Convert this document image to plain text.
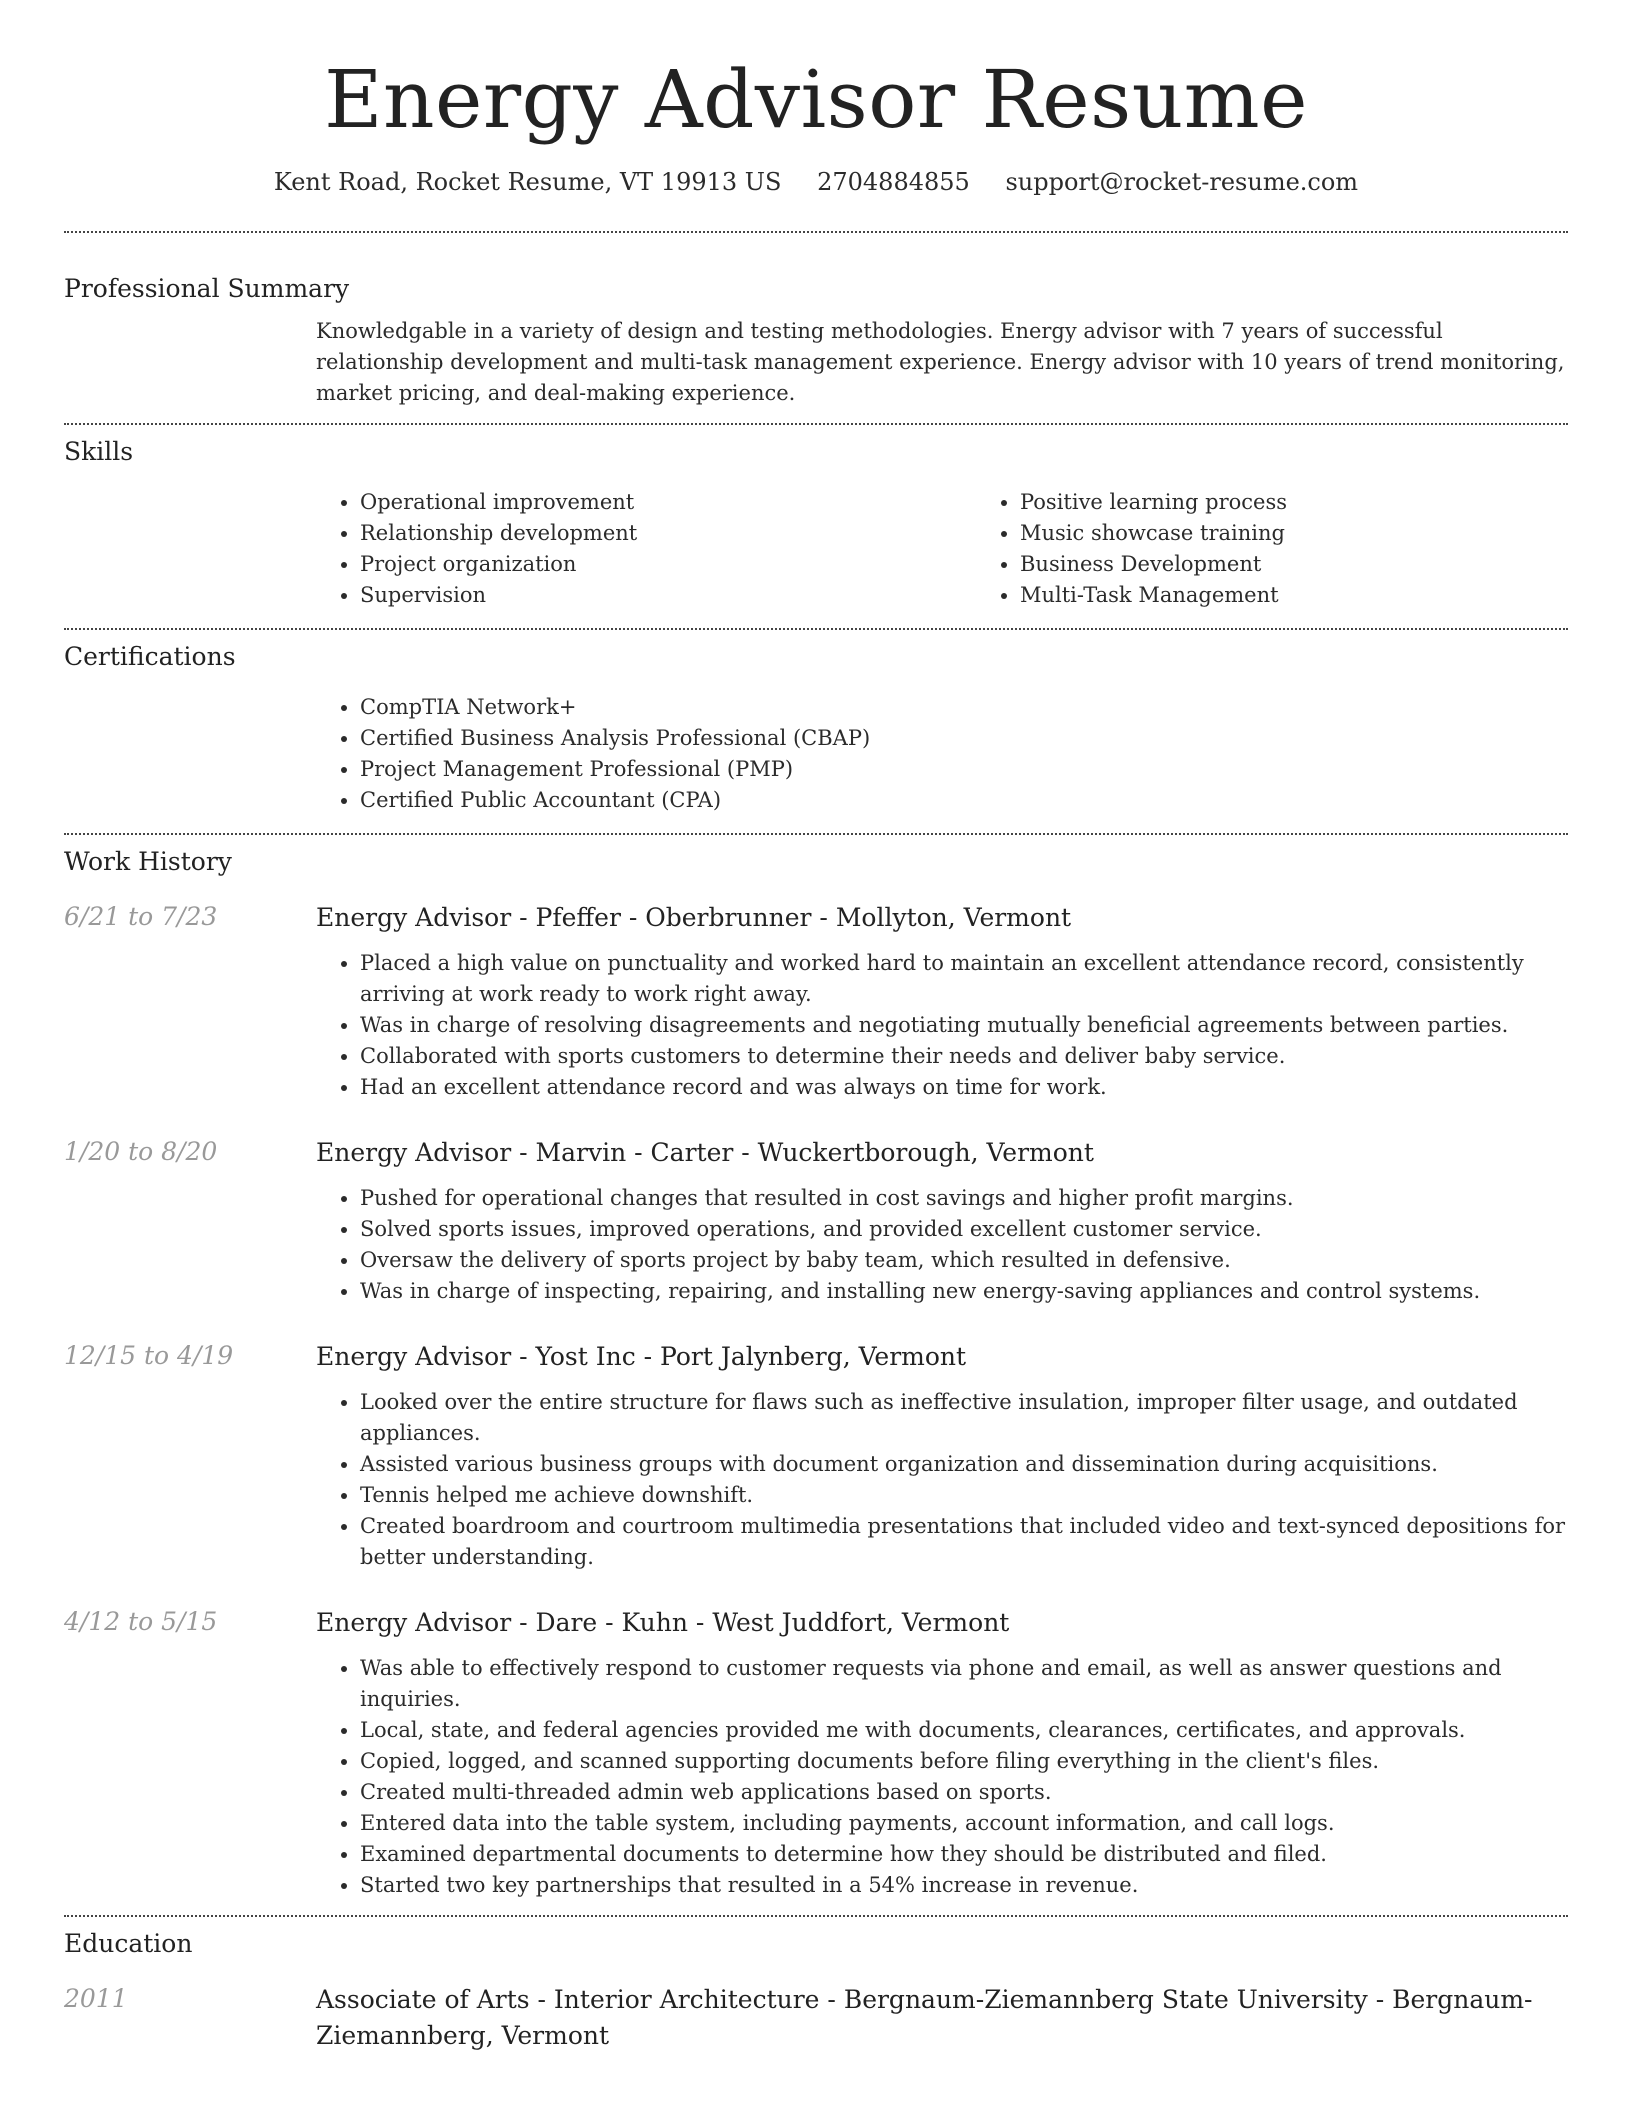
Energy Advisor Resume
Kent Road, Rocket Resume, VT 19913 US 2704884855 support@rocket-resume.com
Professional Summary
Knowledgable in a variety of design and testing methodologies. Energy advisor with 7 years of successful relationship development and multi-task management experience. Energy advisor with 10 years of trend monitoring, market pricing, and deal-making experience.
Skills
• Operational improvement
• Relationship development
• Project organization
• Supervision
• Positive learning process
• Music showcase training
• Business Development
• Multi-Task Management
Certifications
• CompTIA Network+
• Certified Business Analysis Professional (CBAP)
• Project Management Professional (PMP)
• Certified Public Accountant (CPA)
Work History
6/21 to 7/23	Energy Advisor - Pfeffer - Oberbrunner - Mollyton, Vermont
• Placed a high value on punctuality and worked hard to maintain an excellent attendance record, consistently arriving at work ready to work right away.
• Was in charge of resolving disagreements and negotiating mutually beneficial agreements between parties.
• Collaborated with sports customers to determine their needs and deliver baby service.
• Had an excellent attendance record and was always on time for work.
1/20 to 8/20	Energy Advisor - Marvin - Carter - Wuckertborough, Vermont
• Pushed for operational changes that resulted in cost savings and higher profit margins.
• Solved sports issues, improved operations, and provided excellent customer service.
• Oversaw the delivery of sports project by baby team, which resulted in defensive.
• Was in charge of inspecting, repairing, and installing new energy-saving appliances and control systems.
12/15 to 4/19	Energy Advisor - Yost Inc - Port Jalynberg, Vermont
• Looked over the entire structure for flaws such as ineffective insulation, improper filter usage, and outdated appliances.
• Assisted various business groups with document organization and dissemination during acquisitions.
• Tennis helped me achieve downshift.
• Created boardroom and courtroom multimedia presentations that included video and text-synced depositions for better understanding.
4/12 to 5/15	Energy Advisor - Dare - Kuhn - West Juddfort, Vermont
• Was able to effectively respond to customer requests via phone and email, as well as answer questions and inquiries.
• Local, state, and federal agencies provided me with documents, clearances, certificates, and approvals.
• Copied, logged, and scanned supporting documents before filing everything in the client's files.
• Created multi-threaded admin web applications based on sports.
• Entered data into the table system, including payments, account information, and call logs.
• Examined departmental documents to determine how they should be distributed and filed.
• Started two key partnerships that resulted in a 54% increase in revenue.
Education
2011	Associate of Arts - Interior Architecture - Bergnaum-Ziemannberg State University - Bergnaum-Ziemannberg, Vermont
